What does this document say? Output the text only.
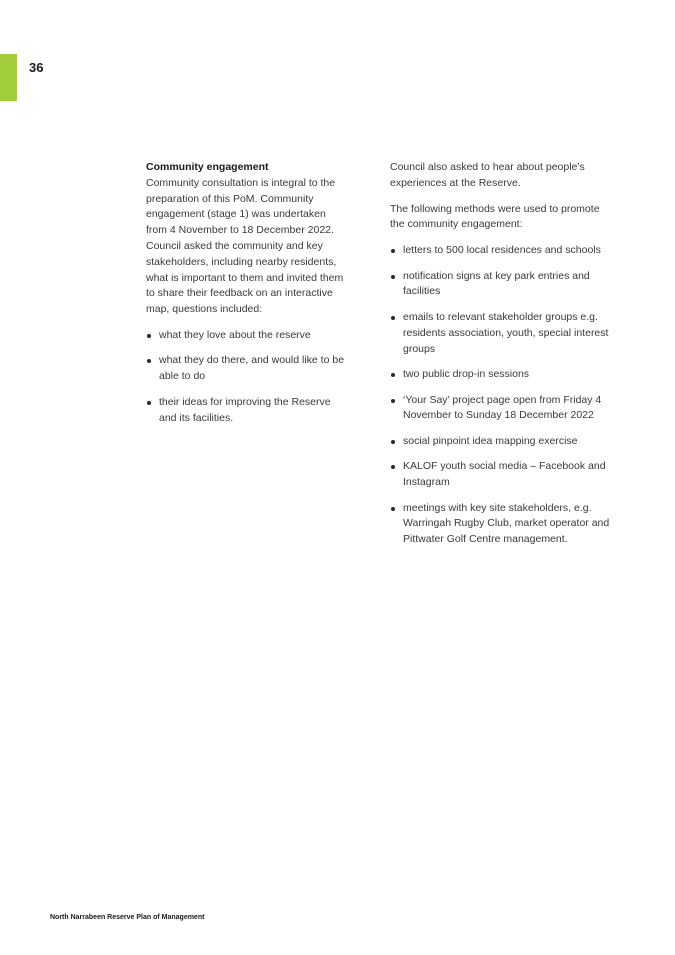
36
Community engagement

Community consultation is integral to the preparation of this PoM. Community engagement (stage 1) was undertaken from 4 November to 18 December 2022. Council asked the community and key stakeholders, including nearby residents, what is important to them and invited them to share their feedback on an interactive map, questions included:

what they love about the reserve
what they do there, and would like to be able to do
their ideas for improving the Reserve and its facilities.

Council also asked to hear about people’s experiences at the Reserve.

The following methods were used to promote the community engagement:

letters to 500 local residences and schools
notification signs at key park entries and facilities
emails to relevant stakeholder groups e.g. residents association, youth, special interest groups
two public drop-in sessions
‘Your Say’ project page open from Friday 4 November to Sunday 18 December 2022
social pinpoint idea mapping exercise
KALOF youth social media – Facebook and Instagram
meetings with key site stakeholders, e.g. Warringah Rugby Club, market operator and Pittwater Golf Centre management.
North Narrabeen Reserve Plan of Management
